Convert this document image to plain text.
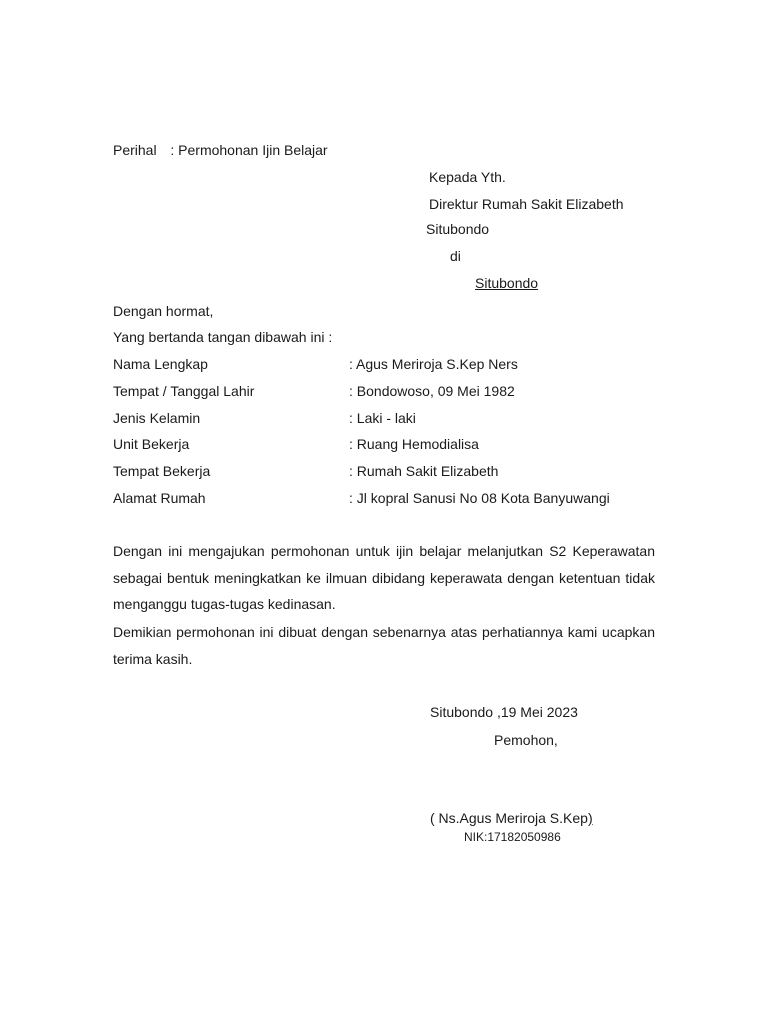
Perihal : Permohonan Ijin Belajar
Kepada Yth.
Direktur Rumah Sakit Elizabeth
Situbondo
di
Situbondo
Dengan hormat,
Yang bertanda tangan dibawah ini :
Nama Lengkap	: Agus Meriroja S.Kep Ners
Tempat / Tanggal Lahir	: Bondowoso, 09 Mei 1982
Jenis Kelamin	: Laki - laki
Unit Bekerja	: Ruang Hemodialisa
Tempat Bekerja	: Rumah Sakit Elizabeth
Alamat Rumah	: Jl kopral Sanusi No 08 Kota Banyuwangi
Dengan ini mengajukan permohonan untuk ijin belajar melanjutkan S2 Keperawatan sebagai bentuk meningkatkan ke ilmuan dibidang keperawata dengan ketentuan tidak menganggu tugas-tugas kedinasan.
Demikian permohonan ini dibuat dengan sebenarnya atas perhatiannya kami ucapkan terima kasih.
Situbondo ,19 Mei 2023
Pemohon,
( Ns.Agus Meriroja S.Kep)
NIK:17182050986
